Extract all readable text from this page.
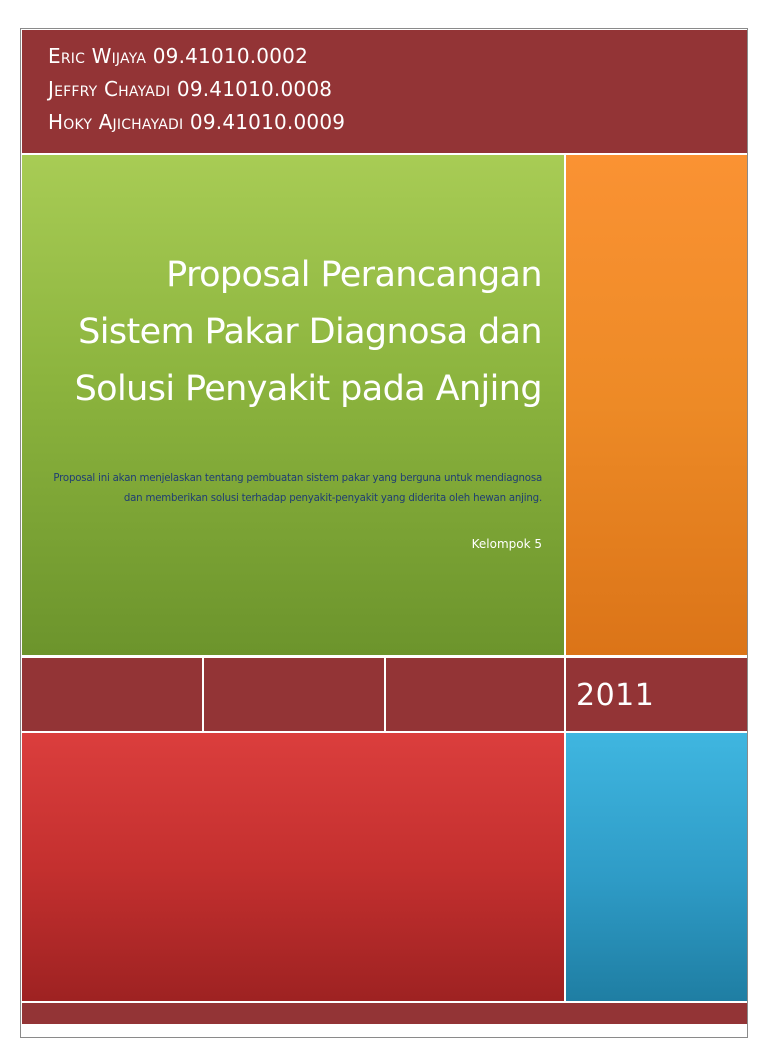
Eric Wijaya 09.41010.0002
Jeffry Chayadi 09.41010.0008
Hoky Ajichayadi 09.41010.0009
Proposal Perancangan Sistem Pakar Diagnosa dan Solusi Penyakit pada Anjing
Proposal ini akan menjelaskan tentang pembuatan sistem pakar yang berguna untuk mendiagnosa dan memberikan solusi terhadap penyakit-penyakit yang diderita oleh hewan anjing.
Kelompok 5
2011
